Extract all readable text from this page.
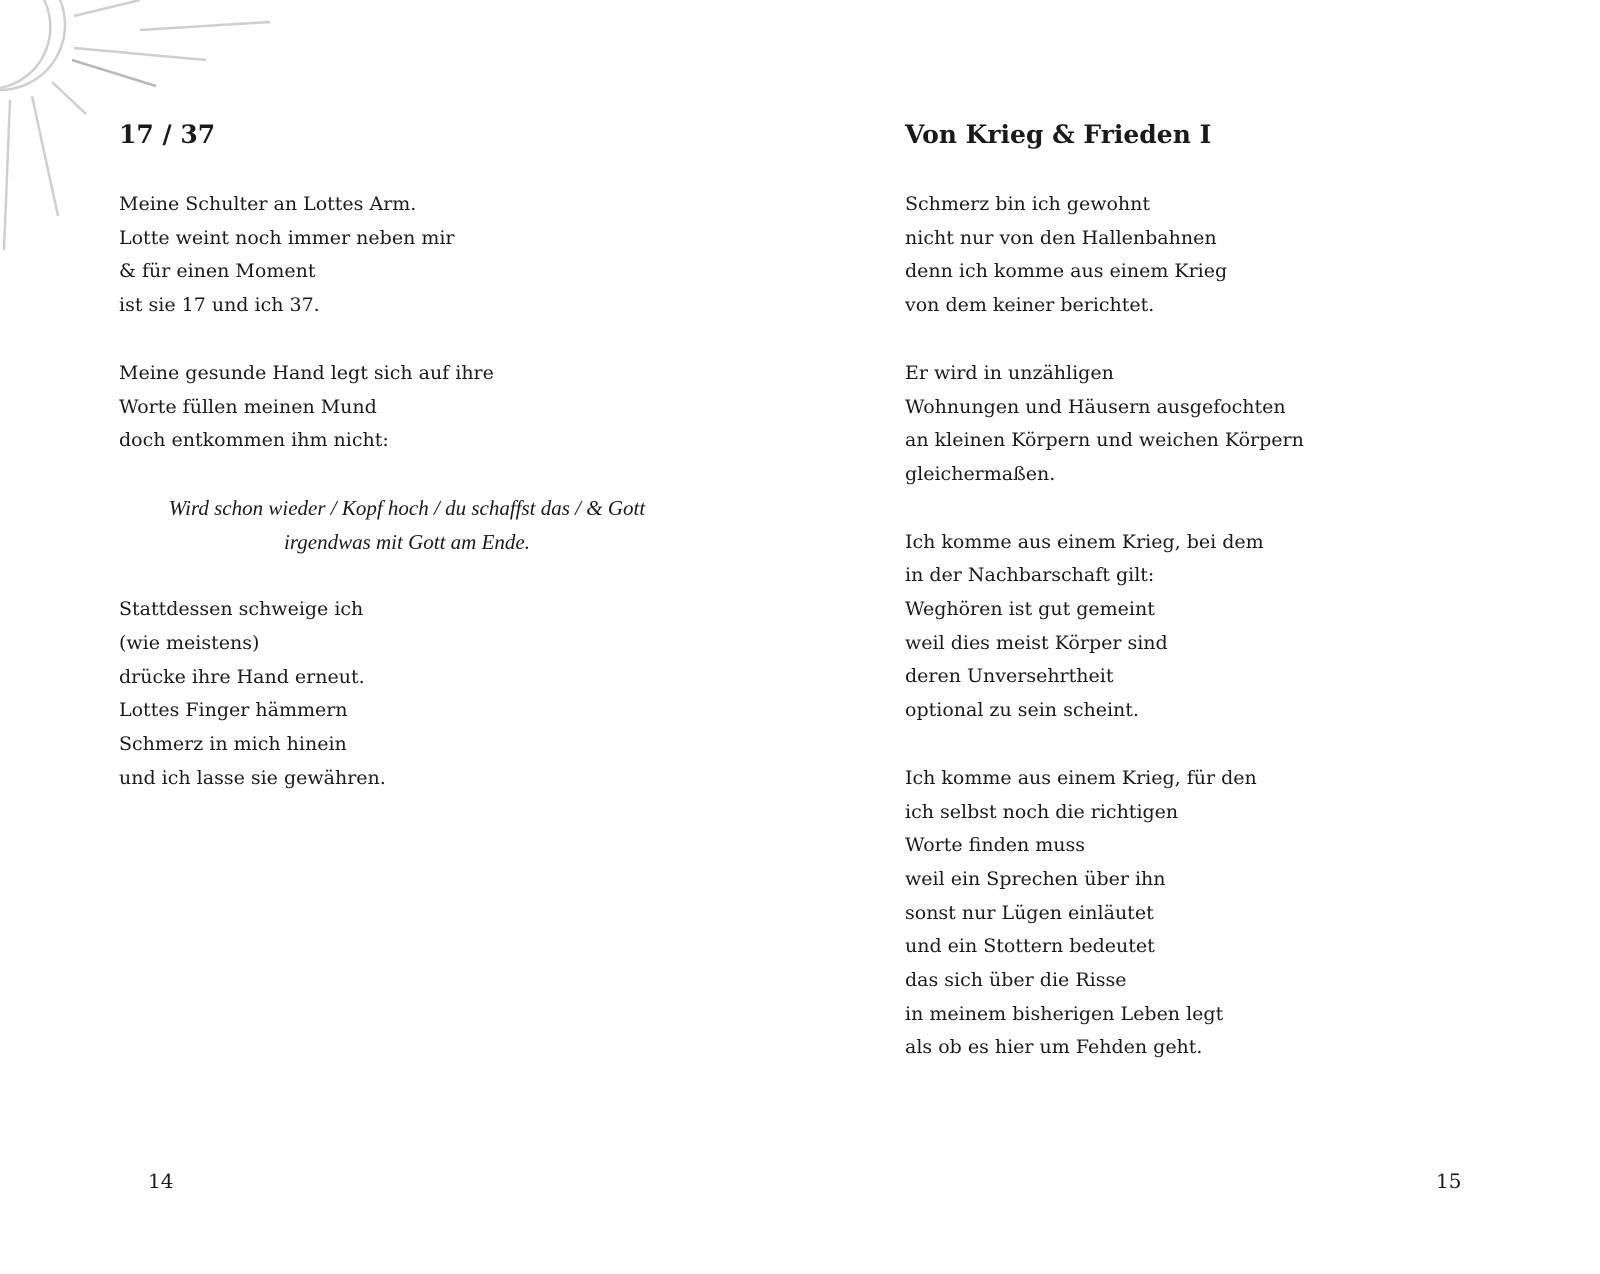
17 / 37
Meine Schulter an Lottes Arm.
Lotte weint noch immer neben mir
& für einen Moment
ist sie 17 und ich 37.
Meine gesunde Hand legt sich auf ihre
Worte füllen meinen Mund
doch entkommen ihm nicht:
Wird schon wieder / Kopf hoch / du schaffst das / & Gott
irgendwas mit Gott am Ende.
Stattdessen schweige ich
(wie meistens)
drücke ihre Hand erneut.
Lottes Finger hämmern
Schmerz in mich hinein
und ich lasse sie gewähren.
14
Von Krieg & Frieden I
Schmerz bin ich gewohnt
nicht nur von den Hallenbahnen
denn ich komme aus einem Krieg
von dem keiner berichtet.
Er wird in unzähligen
Wohnungen und Häusern ausgefochten
an kleinen Körpern und weichen Körpern
gleichermaßen.
Ich komme aus einem Krieg, bei dem
in der Nachbarschaft gilt:
Weghören ist gut gemeint
weil dies meist Körper sind
deren Unversehrtheit
optional zu sein scheint.
Ich komme aus einem Krieg, für den
ich selbst noch die richtigen
Worte finden muss
weil ein Sprechen über ihn
sonst nur Lügen einläutet
und ein Stottern bedeutet
das sich über die Risse
in meinem bisherigen Leben legt
als ob es hier um Fehden geht.
15
